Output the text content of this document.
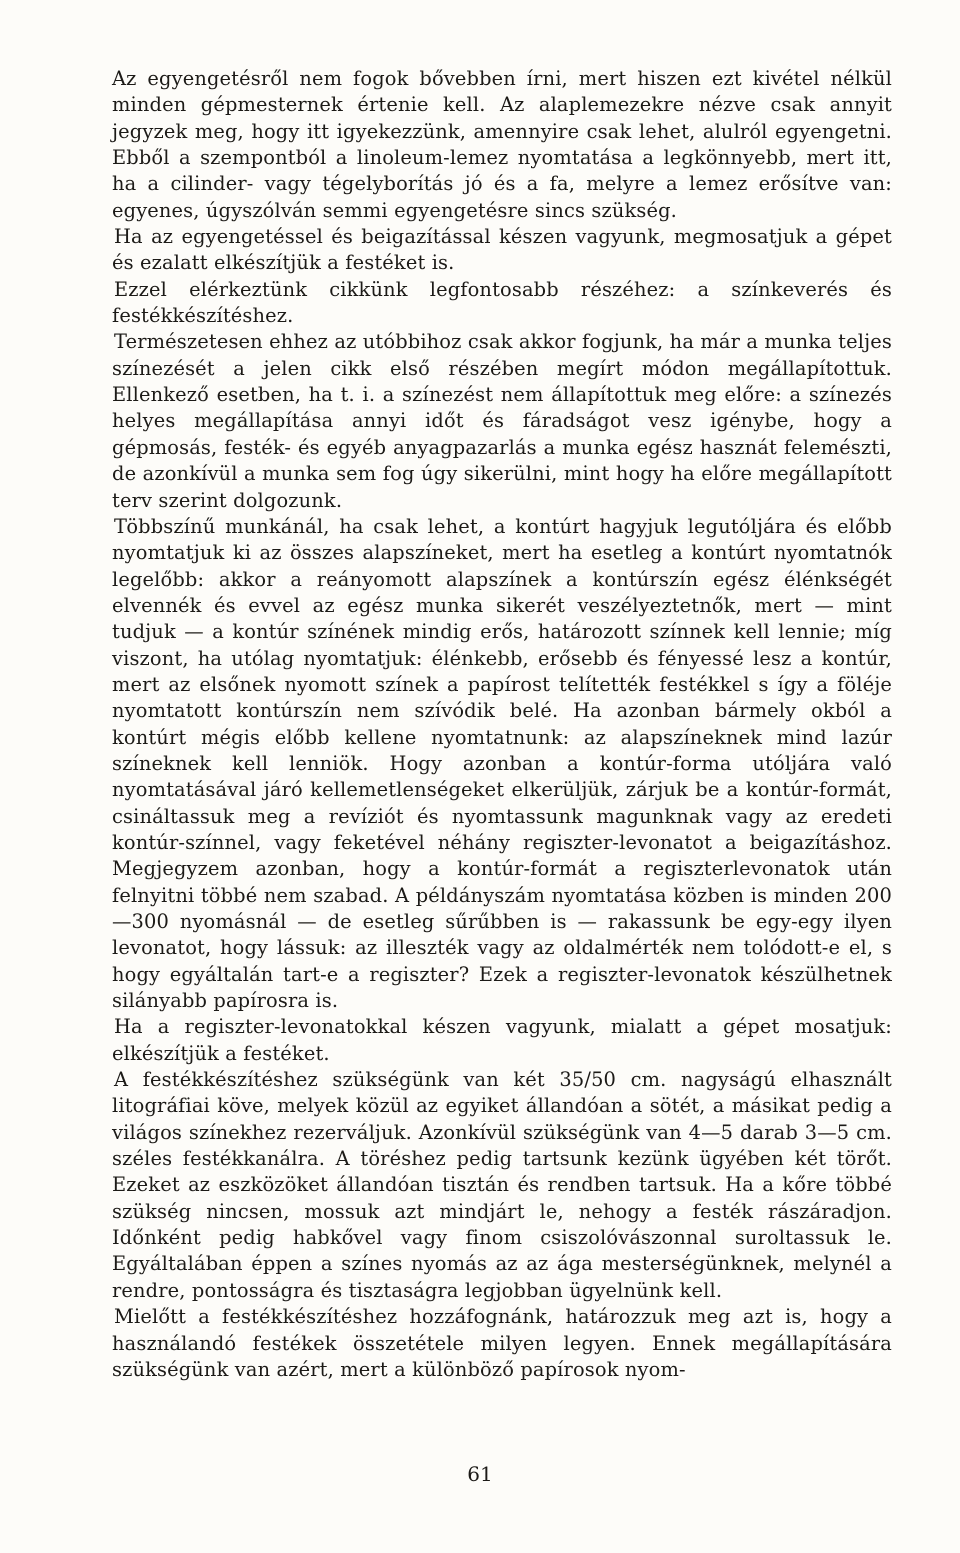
Az egyengetésről nem fogok bővebben írni, mert hiszen ezt kivétel nélkül minden gépmesternek értenie kell. Az alaplemezekre nézve csak annyit jegyzek meg, hogy itt igyekezzünk, amennyire csak lehet, alulról egyengetni. Ebből a szempontból a linoleum-lemez nyomtatása a legkönnyebb, mert itt, ha a cilinder- vagy tégelyborítás jó és a fa, melyre a lemez erősítve van: egyenes, úgyszólván semmi egyengetésre sincs szükség.

Ha az egyengetéssel és beigazítással készen vagyunk, megmosatjuk a gépet és ezalatt elkészítjük a festéket is.

Ezzel elérkeztünk cikkünk legfontosabb részéhez: a színkeverés és festékkészítéshez.

Természetesen ehhez az utóbbihoz csak akkor fogjunk, ha már a munka teljes színezését a jelen cikk első részében megírt módon megállapítottuk. Ellenkező esetben, ha t. i. a színezést nem állapítottuk meg előre: a színezés helyes megállapítása annyi időt és fáradságot vesz igénybe, hogy a gépmosás, festék- és egyéb anyagpazarlás a munka egész hasznát felemészti, de azonkívül a munka sem fog úgy sikerülni, mint hogy ha előre megállapított terv szerint dolgozunk.

Többszínű munkánál, ha csak lehet, a kontúrt hagyjuk legutóljára és előbb nyomtatjuk ki az összes alapszíneket, mert ha esetleg a kontúrt nyomtatnók legelőbb: akkor a reányomott alapszínek a kontúrszín egész élénkségét elvennék és evvel az egész munka sikerét veszélyeztetnők, mert — mint tudjuk — a kontúr színének mindig erős, határozott színnek kell lennie; míg viszont, ha utólag nyomtatjuk: élénkebb, erősebb és fényessé lesz a kontúr, mert az elsőnek nyomott színek a papírost telítették festékkel s így a föléje nyomtatott kontúrszín nem szívódik belé. Ha azonban bármely okból a kontúrt mégis előbb kellene nyomtatnunk: az alapszíneknek mind lazúr színeknek kell lenniök. Hogy azonban a kontúr-forma utóljára való nyomtatásával járó kellemetlenségeket elkerüljük, zárjuk be a kontúr-formát, csináltassuk meg a revíziót és nyomtassunk magunknak vagy az eredeti kontúr-színnel, vagy feketével néhány regiszter-levonatot a beigazításhoz. Megjegyzem azonban, hogy a kontúr-formát a regiszterlevonatok után felnyitni többé nem szabad. A példányszám nyomtatása közben is minden 200—300 nyomásnál — de esetleg sűrűbben is — rakassunk be egy-egy ilyen levonatot, hogy lássuk: az illeszték vagy az oldalmérték nem tolódott-e el, s hogy egyáltalán tart-e a regiszter? Ezek a regiszter-levonatok készülhetnek silányabb papírosra is.

Ha a regiszter-levonatokkal készen vagyunk, mialatt a gépet mosatjuk: elkészítjük a festéket.

A festékkészítéshez szükségünk van két 35/50 cm. nagyságú elhasznált litográfiai köve, melyek közül az egyiket állandóan a sötét, a másikat pedig a világos színekhez rezerváljuk. Azonkívül szükségünk van 4—5 darab 3—5 cm. széles festékkanálra. A töréshez pedig tartsunk kezünk ügyében két törőt. Ezeket az eszközöket állandóan tisztán és rendben tartsuk. Ha a kőre többé szükség nincsen, mossuk azt mindjárt le, nehogy a festék rászáradjon. Időnként pedig habkővel vagy finom csiszolóvászonnal suroltassuk le. Egyáltalában éppen a színes nyomás az az ága mesterségünknek, melynél a rendre, pontosságra és tisztaságra legjobban ügyelnünk kell.

Mielőtt a festékkészítéshez hozzáfognánk, határozzuk meg azt is, hogy a használandó festékek összetétele milyen legyen. Ennek megállapítására szükségünk van azért, mert a különböző papírosok nyom-

61
